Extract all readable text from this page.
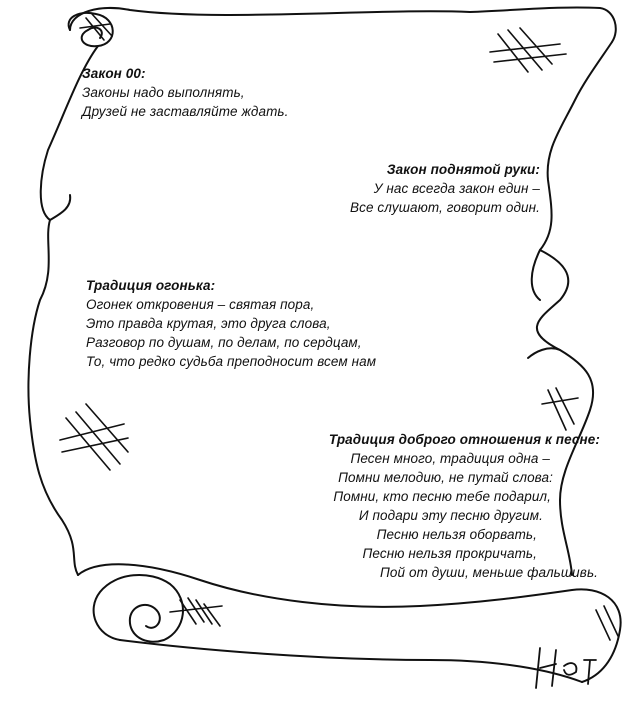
Закон 00:
Законы надо выполнять,
Друзей не заставляйте ждать.
Закон поднятой руки:
У нас всегда закон един –
Все слушают, говорит один.
Традиция огонька:
Огонек откровения – святая пора,
Это правда крутая, это друга слова,
Разговор по душам, по делам, по сердцам,
То, что редко судьба преподносит всем нам
Традиция доброго отношения к песне:
Песен много, традиция одна –
Помни мелодию, не путай слова:
Помни, кто песню тебе подарил,
И подари эту песню другим.
Песню нельзя оборвать,
Песню нельзя прокричать,
Пой от души, меньше фальшивь.
